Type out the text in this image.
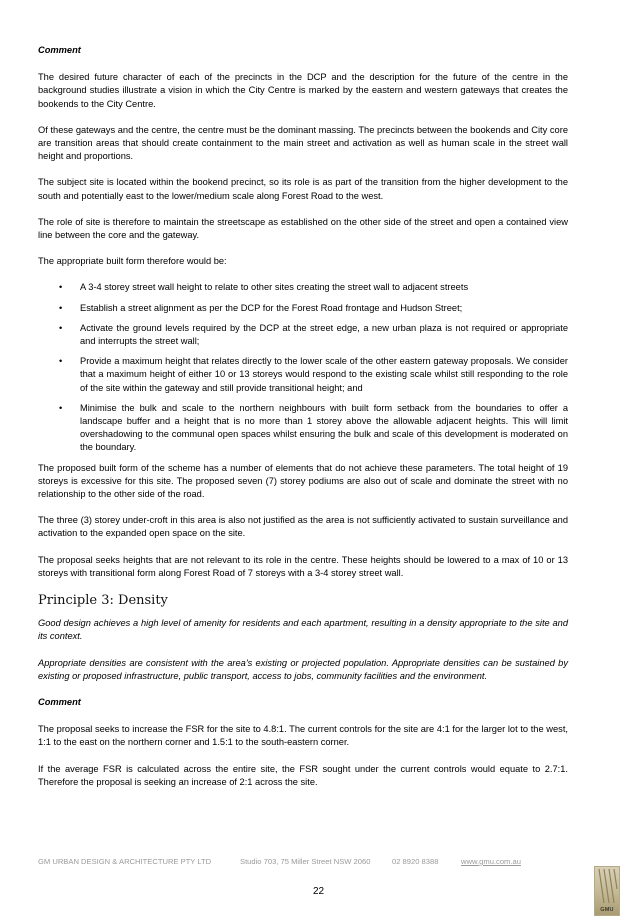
Comment

The desired future character of each of the precincts in the DCP and the description for the future of the centre in the background studies illustrate a vision in which the City Centre is marked by the eastern and western gateways that creates the bookends to the City Centre.

Of these gateways and the centre, the centre must be the dominant massing. The precincts between the bookends and City core are transition areas that should create containment to the main street and activation as well as human scale in the street wall height and proportions.

The subject site is located within the bookend precinct, so its role is as part of the transition from the higher development to the south and potentially east to the lower/medium scale along Forest Road to the west.

The role of site is therefore to maintain the streetscape as established on the other side of the street and open a contained view line between the core and the gateway.

The appropriate built form therefore would be:

• A 3-4 storey street wall height to relate to other sites creating the street wall to adjacent streets
• Establish a street alignment as per the DCP for the Forest Road frontage and Hudson Street;
• Activate the ground levels required by the DCP at the street edge, a new urban plaza is not required or appropriate and interrupts the street wall;
• Provide a maximum height that relates directly to the lower scale of the other eastern gateway proposals. We consider that a maximum height of either 10 or 13 storeys would respond to the existing scale whilst still responding to the role of the site within the gateway and still provide transitional height; and
• Minimise the bulk and scale to the northern neighbours with built form setback from the boundaries to offer a landscape buffer and a height that is no more than 1 storey above the allowable adjacent heights. This will limit overshadowing to the communal open spaces whilst ensuring the bulk and scale of this development is moderated on the boundary.

The proposed built form of the scheme has a number of elements that do not achieve these parameters. The total height of 19 storeys is excessive for this site. The proposed seven (7) storey podiums are also out of scale and dominate the street with no relationship to the other side of the road.

The three (3) storey under-croft in this area is also not justified as the area is not sufficiently activated to sustain surveillance and activation to the expanded open space on the site.

The proposal seeks heights that are not relevant to its role in the centre. These heights should be lowered to a max of 10 or 13 storeys with transitional form along Forest Road of 7 storeys with a 3-4 storey street wall.

Principle 3: Density

Good design achieves a high level of amenity for residents and each apartment, resulting in a density appropriate to the site and its context.

Appropriate densities are consistent with the area's existing or projected population. Appropriate densities can be sustained by existing or proposed infrastructure, public transport, access to jobs, community facilities and the environment.

Comment

The proposal seeks to increase the FSR for the site to 4.8:1. The current controls for the site are 4:1 for the larger lot to the west, 1:1 to the east on the northern corner and 1.5:1 to the south-eastern corner.

If the average FSR is calculated across the entire site, the FSR sought under the current controls would equate to 2.7:1. Therefore the proposal is seeking an increase of 2:1 across the site.

GM URBAN DESIGN & ARCHITECTURE PTY LTD	Studio 703, 75 Miller Street NSW 2060	02 8920 8388	www.gmu.com.au
22
GMU
